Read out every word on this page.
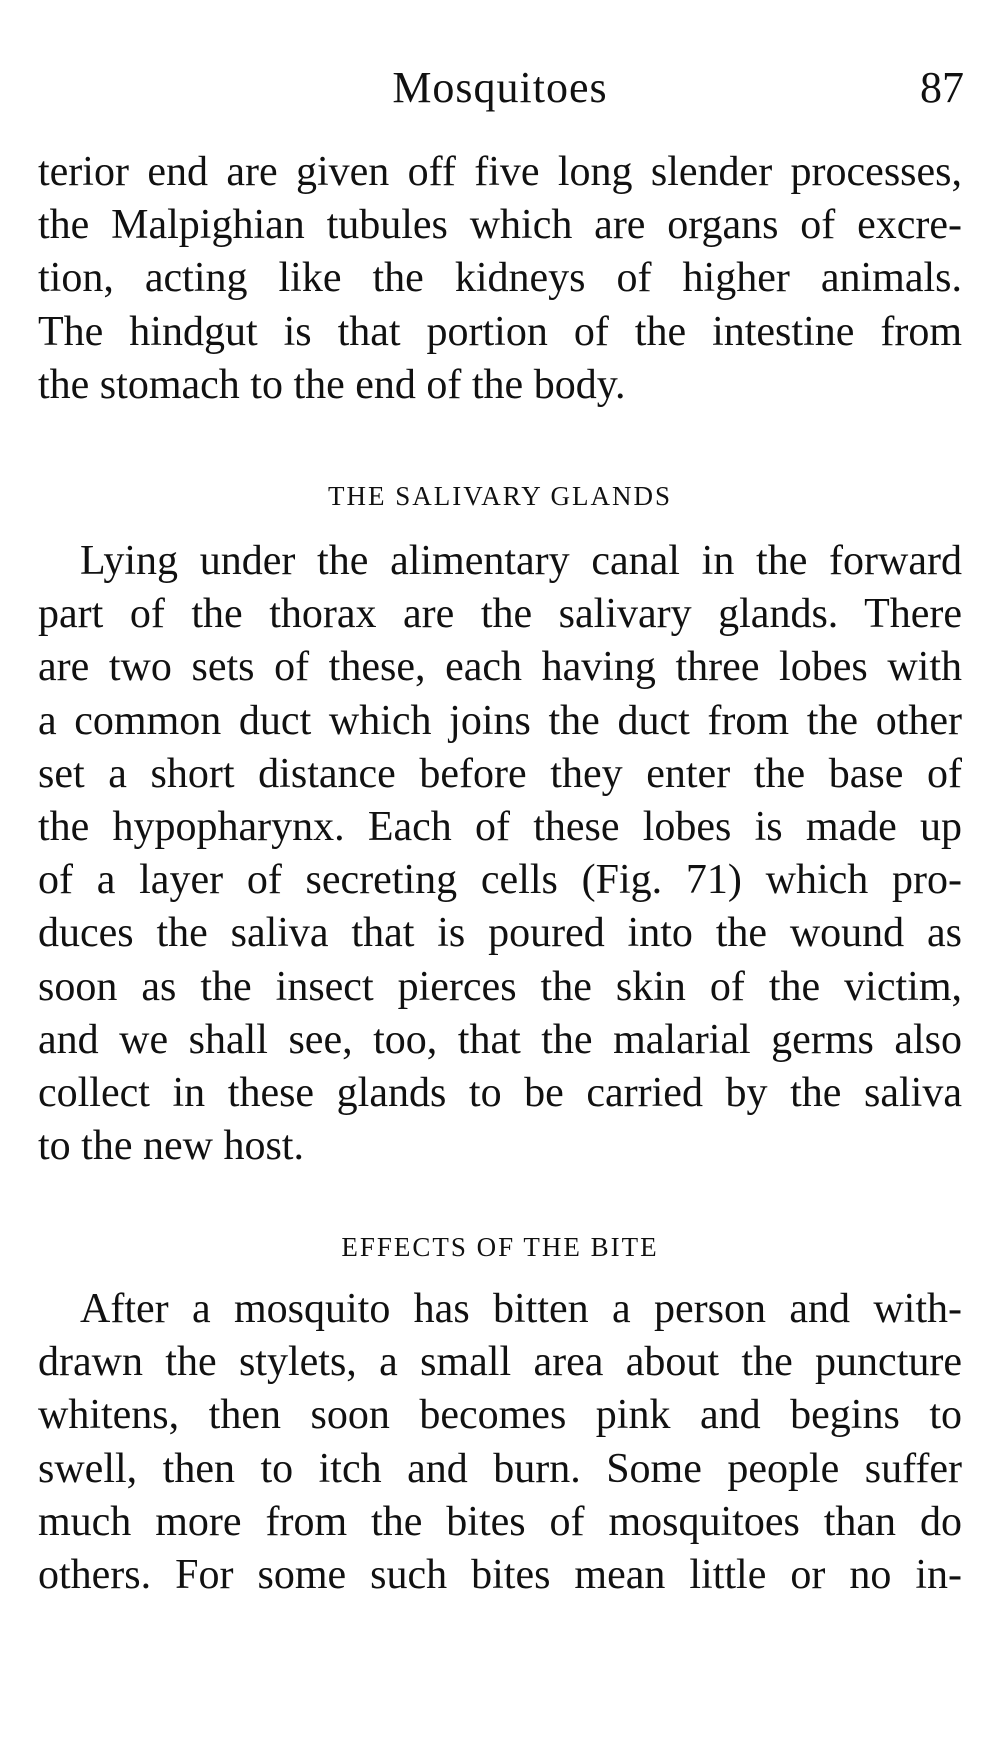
Mosquitoes	87
terior end are given off five long slender processes,
the Malpighian tubules which are organs of excre-
tion, acting like the kidneys of higher animals.
The hindgut is that portion of the intestine from
the stomach to the end of the body.
THE SALIVARY GLANDS
Lying under the alimentary canal in the forward
part of the thorax are the salivary glands. There
are two sets of these, each having three lobes with
a common duct which joins the duct from the other
set a short distance before they enter the base of
the hypopharynx. Each of these lobes is made up
of a layer of secreting cells (Fig. 71) which pro-
duces the saliva that is poured into the wound as
soon as the insect pierces the skin of the victim,
and we shall see, too, that the malarial germs also
collect in these glands to be carried by the saliva
to the new host.
EFFECTS OF THE BITE
After a mosquito has bitten a person and with-
drawn the stylets, a small area about the puncture
whitens, then soon becomes pink and begins to
swell, then to itch and burn. Some people suffer
much more from the bites of mosquitoes than do
others. For some such bites mean little or no in-
